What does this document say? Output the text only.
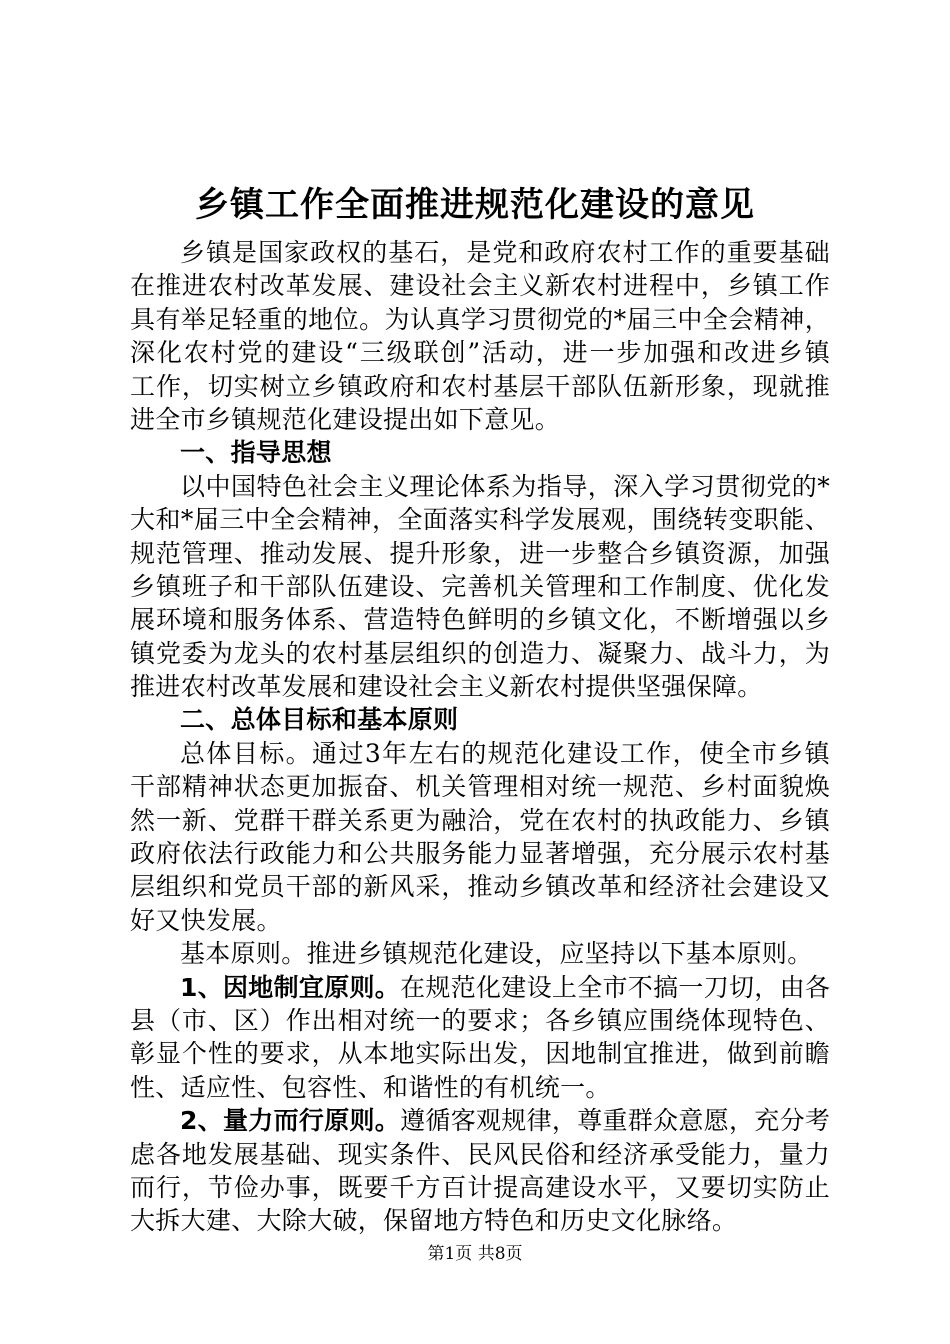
乡镇工作全面推进规范化建设的意见
乡镇是国家政权的基石，是党和政府农村工作的重要基础
在推进农村改革发展、建设社会主义新农村进程中，乡镇工作
具有举足轻重的地位。为认真学习贯彻党的*届三中全会精神，
深化农村党的建设“三级联创”活动，进一步加强和改进乡镇
工作，切实树立乡镇政府和农村基层干部队伍新形象，现就推
进全市乡镇规范化建设提出如下意见。
一、指导思想
以中国特色社会主义理论体系为指导，深入学习贯彻党的*
大和*届三中全会精神，全面落实科学发展观，围绕转变职能、
规范管理、推动发展、提升形象，进一步整合乡镇资源，加强
乡镇班子和干部队伍建设、完善机关管理和工作制度、优化发
展环境和服务体系、营造特色鲜明的乡镇文化，不断增强以乡
镇党委为龙头的农村基层组织的创造力、凝聚力、战斗力，为
推进农村改革发展和建设社会主义新农村提供坚强保障。
二、总体目标和基本原则
总体目标。通过3年左右的规范化建设工作，使全市乡镇
干部精神状态更加振奋、机关管理相对统一规范、乡村面貌焕
然一新、党群干群关系更为融洽，党在农村的执政能力、乡镇
政府依法行政能力和公共服务能力显著增强，充分展示农村基
层组织和党员干部的新风采，推动乡镇改革和经济社会建设又
好又快发展。
基本原则。推进乡镇规范化建设，应坚持以下基本原则。
1、因地制宜原则。在规范化建设上全市不搞一刀切，由各
县（市、区）作出相对统一的要求；各乡镇应围绕体现特色、
彰显个性的要求，从本地实际出发，因地制宜推进，做到前瞻
性、适应性、包容性、和谐性的有机统一。
2、量力而行原则。遵循客观规律，尊重群众意愿，充分考
虑各地发展基础、现实条件、民风民俗和经济承受能力，量力
而行，节俭办事，既要千方百计提高建设水平，又要切实防止
大拆大建、大除大破，保留地方特色和历史文化脉络。
第1页 共8页
